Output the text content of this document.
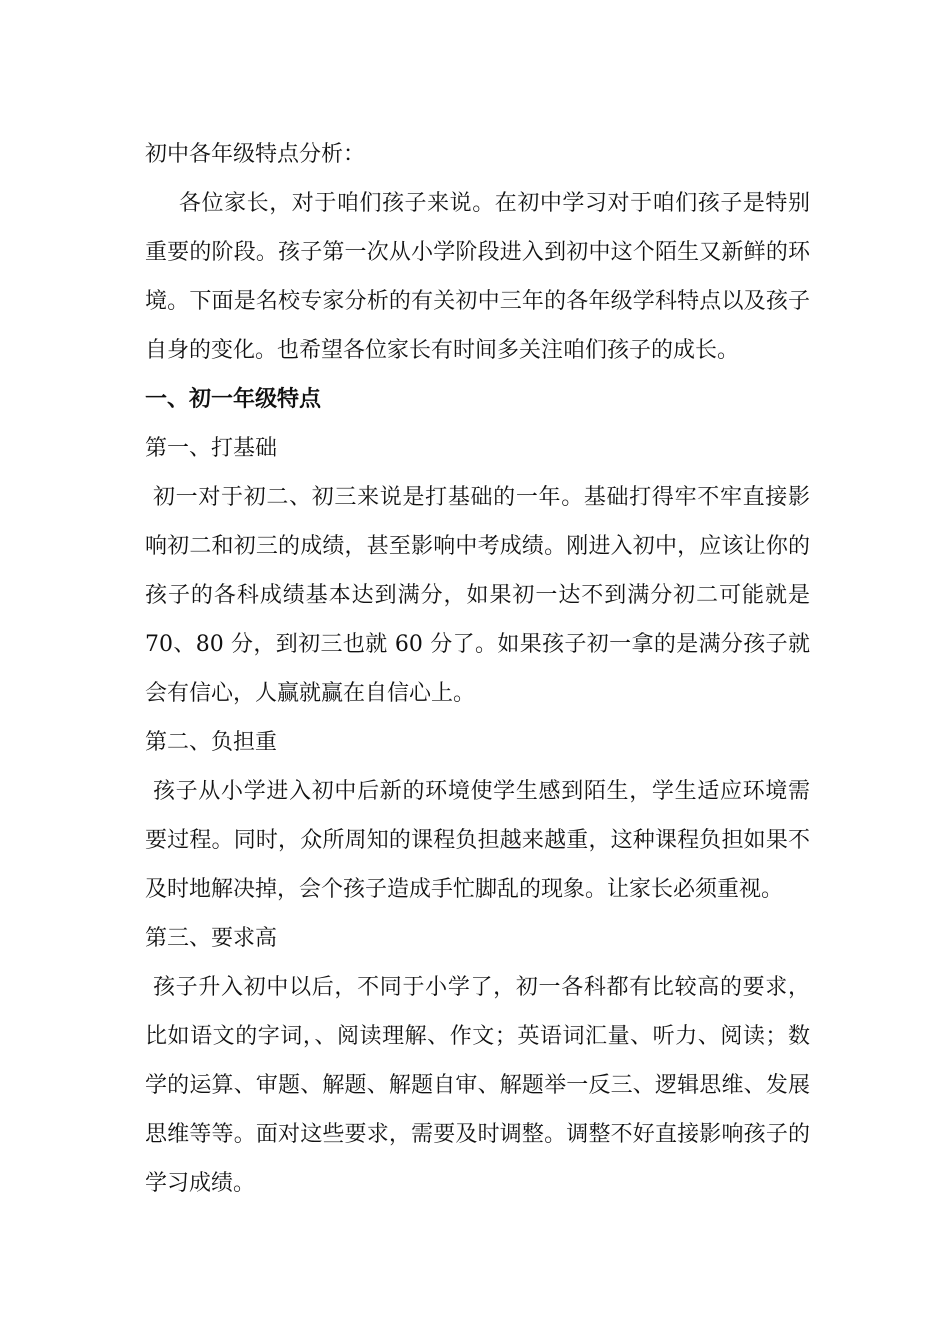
初中各年级特点分析：

各位家长，对于咱们孩子来说。在初中学习对于咱们孩子是特别重要的阶段。孩子第一次从小学阶段进入到初中这个陌生又新鲜的环境。下面是名校专家分析的有关初中三年的各年级学科特点以及孩子自身的变化。也希望各位家长有时间多关注咱们孩子的成长。

一、初一年级特点

第一、打基础

初一对于初二、初三来说是打基础的一年。基础打得牢不牢直接影响初二和初三的成绩，甚至影响中考成绩。刚进入初中，应该让你的孩子的各科成绩基本达到满分，如果初一达不到满分初二可能就是 70、80 分，到初三也就 60 分了。如果孩子初一拿的是满分孩子就会有信心，人赢就赢在自信心上。

第二、负担重

孩子从小学进入初中后新的环境使学生感到陌生，学生适应环境需要过程。同时，众所周知的课程负担越来越重，这种课程负担如果不及时地解决掉，会个孩子造成手忙脚乱的现象。让家长必须重视。

第三、要求高

孩子升入初中以后，不同于小学了，初一各科都有比较高的要求，比如语文的字词，、阅读理解、作文；英语词汇量、听力、阅读；数学的运算、审题、解题、解题自审、解题举一反三、逻辑思维、发展思维等等。面对这些要求，需要及时调整。调整不好直接影响孩子的学习成绩。
